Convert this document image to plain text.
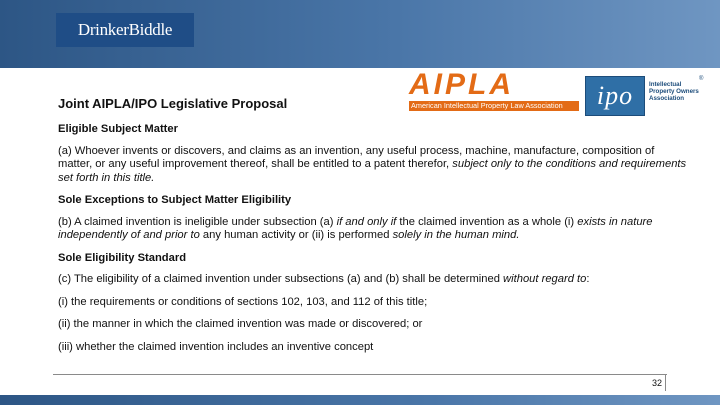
DrinkerBiddle
AIPLA
American Intellectual Property Law Association	ipo	Intellectual Property Owners Association
®
Joint AIPLA/IPO Legislative Proposal

Eligible Subject Matter

(a) Whoever invents or discovers, and claims as an invention, any useful process, machine, manufacture, composition of matter, or any useful improvement thereof, shall be entitled to a patent therefor, subject only to the conditions and requirements set forth in this title.

Sole Exceptions to Subject Matter Eligibility

(b) A claimed invention is ineligible under subsection (a) if and only if the claimed invention as a whole (i) exists in nature independently of and prior to any human activity or (ii) is performed solely in the human mind.

Sole Eligibility Standard

(c) The eligibility of a claimed invention under subsections (a) and (b) shall be determined without regard to:

(i) the requirements or conditions of sections 102, 103, and 112 of this title;

(ii) the manner in which the claimed invention was made or discovered; or

(iii) whether the claimed invention includes an inventive concept

32
